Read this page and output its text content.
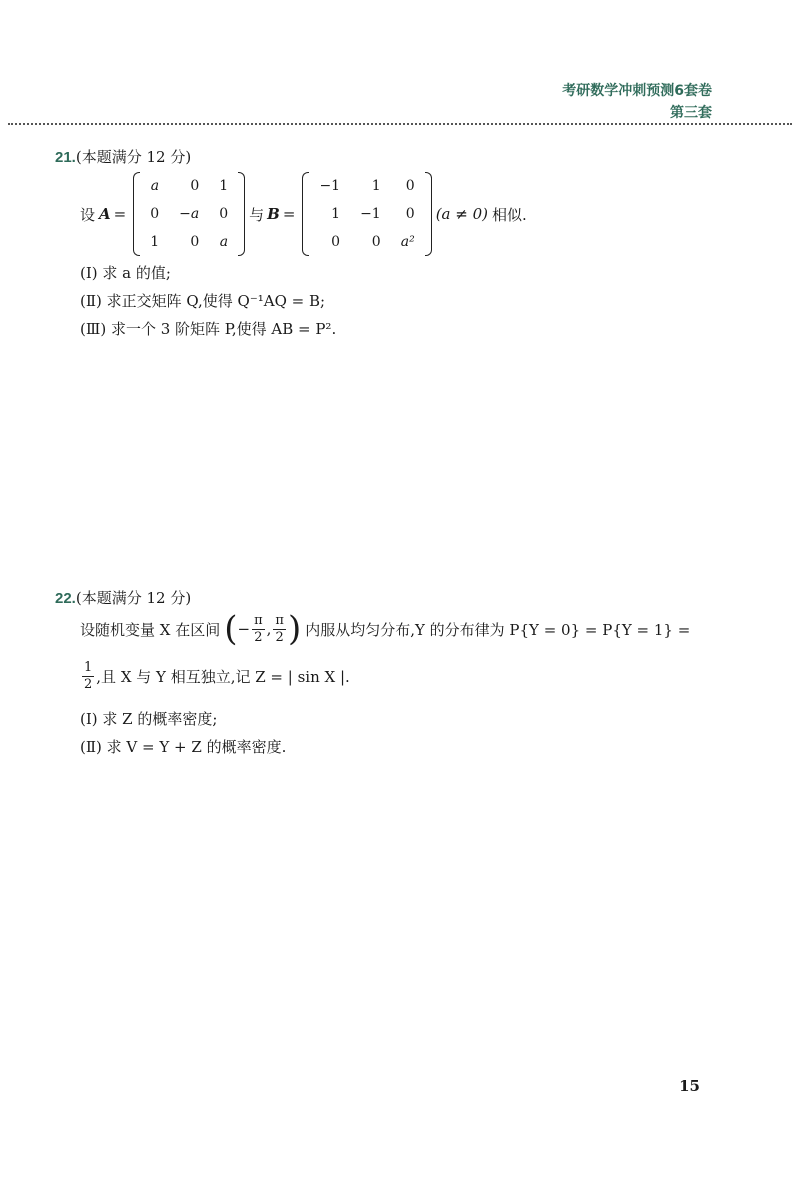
考研数学冲刺预测6套卷
第三套
21.(本题满分 12 分)
设 A =
a	0	1
0	−a	0
1	0	a
与 B =
−1	1	0
1	−1	0
0	0	a²
(a ≠ 0) 相似.
(Ⅰ) 求 a 的值;
(Ⅱ) 求正交矩阵 Q,使得 Q⁻¹AQ = B;
(Ⅲ) 求一个 3 阶矩阵 P,使得 AB = P².
22.(本题满分 12 分)
设随机变量 X 在区间 ( − $\frac{\pi}{2}$ , $\frac{\pi}{2}$ ) 内服从均匀分布,Y 的分布律为 P{Y = 0} = P{Y = 1} =
$\frac{1}{2}$ ,且 X 与 Y 相互独立,记 Z = | sin X |.
(Ⅰ) 求 Z 的概率密度;
(Ⅱ) 求 V = Y + Z 的概率密度.
15
